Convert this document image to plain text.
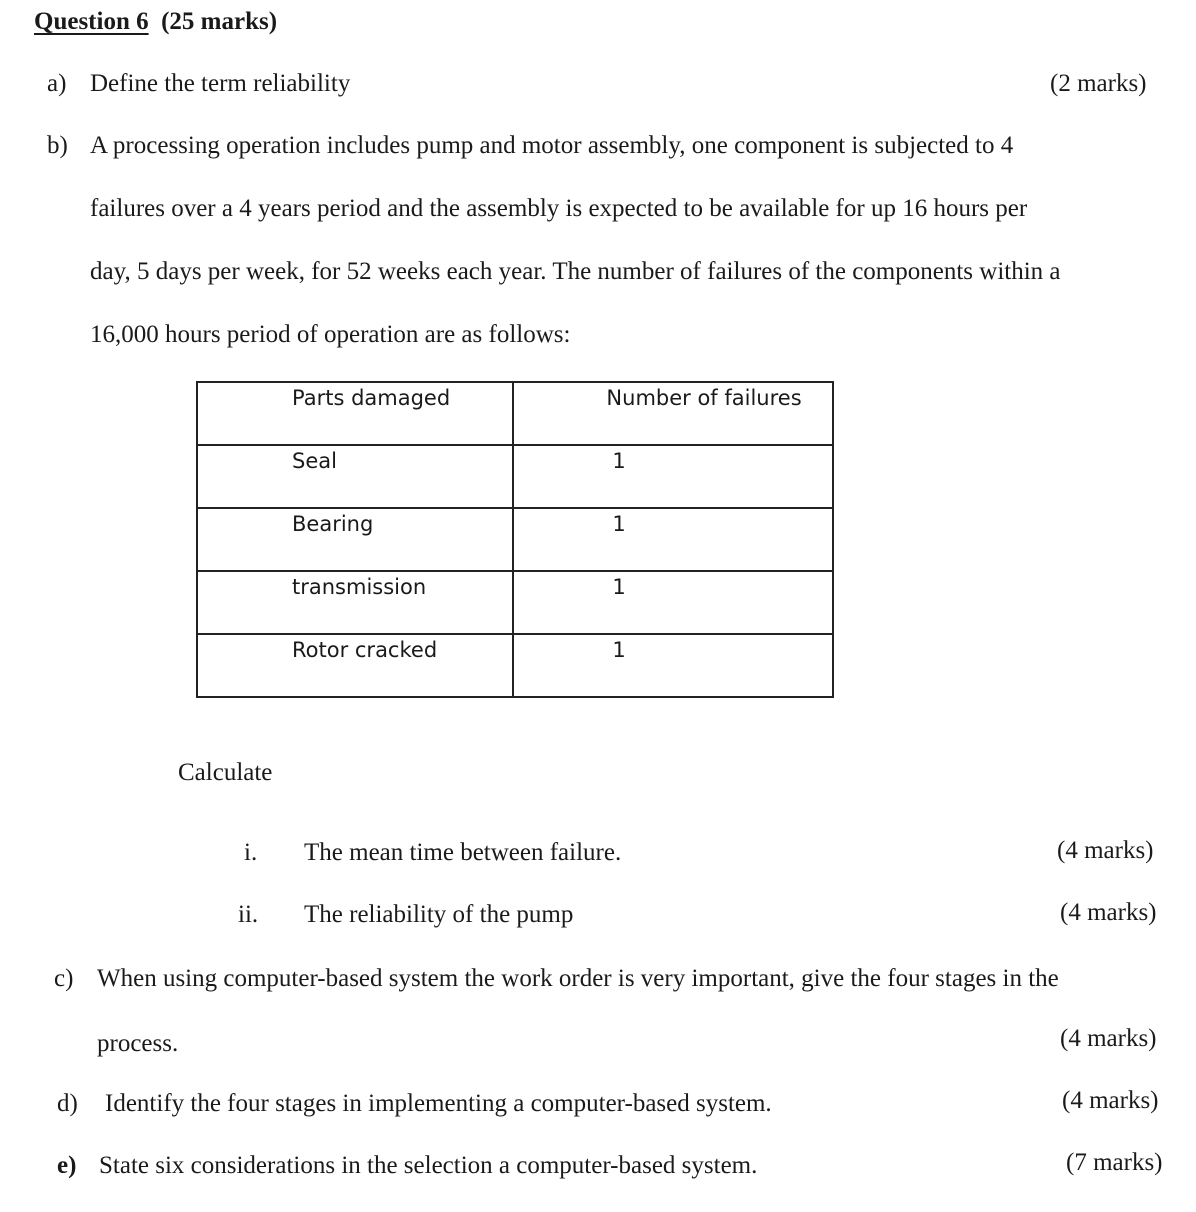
Question 6 (25 marks)
a) Define the term reliability	(2 marks)
b) A processing operation includes pump and motor assembly, one component is subjected to 4
failures over a 4 years period and the assembly is expected to be available for up 16 hours per
day, 5 days per week, for 52 weeks each year. The number of failures of the components within a
16,000 hours period of operation are as follows:
Parts damaged	Number of failures
Seal	1
Bearing	1
transmission	1
Rotor cracked	1
Calculate
i. The mean time between failure.	(4 marks)
ii. The reliability of the pump	(4 marks)
c) When using computer-based system the work order is very important, give the four stages in the
process.	(4 marks)
d) Identify the four stages in implementing a computer-based system.	(4 marks)
e) State six considerations in the selection a computer-based system.	(7 marks)
